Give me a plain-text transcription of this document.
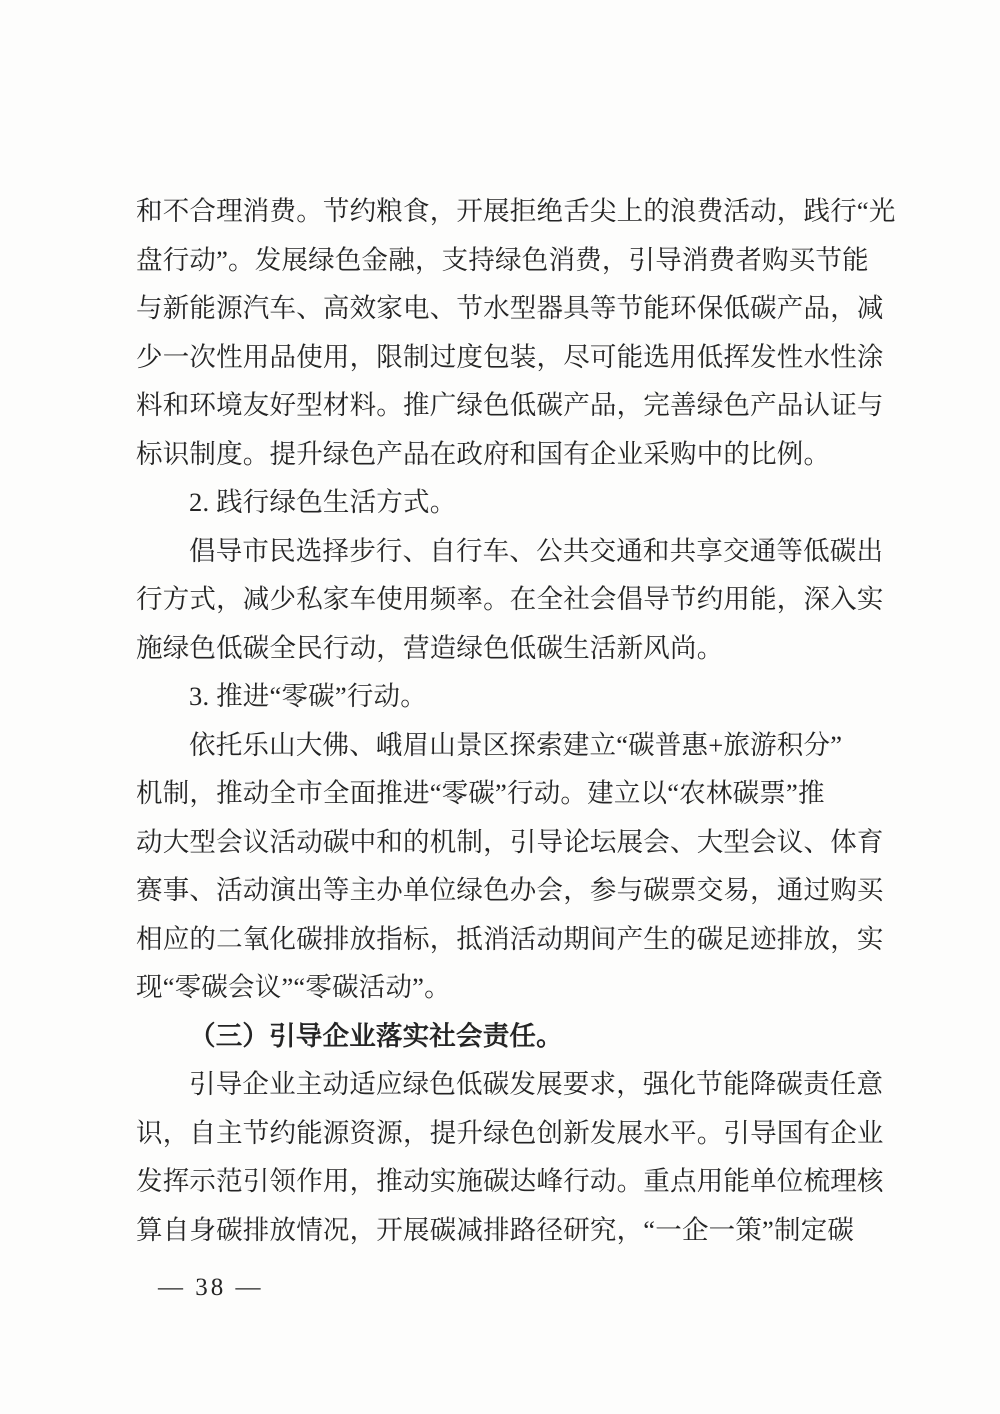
和不合理消费。节约粮食，开展拒绝舌尖上的浪费活动，践行“光
盘行动”。发展绿色金融，支持绿色消费，引导消费者购买节能
与新能源汽车、高效家电、节水型器具等节能环保低碳产品，减
少一次性用品使用，限制过度包装，尽可能选用低挥发性水性涂
料和环境友好型材料。推广绿色低碳产品，完善绿色产品认证与
标识制度。提升绿色产品在政府和国有企业采购中的比例。
2. 践行绿色生活方式。
倡导市民选择步行、自行车、公共交通和共享交通等低碳出
行方式，减少私家车使用频率。在全社会倡导节约用能，深入实
施绿色低碳全民行动，营造绿色低碳生活新风尚。
3. 推进“零碳”行动。
依托乐山大佛、峨眉山景区探索建立“碳普惠+旅游积分”
机制，推动全市全面推进“零碳”行动。建立以“农林碳票”推
动大型会议活动碳中和的机制，引导论坛展会、大型会议、体育
赛事、活动演出等主办单位绿色办会，参与碳票交易，通过购买
相应的二氧化碳排放指标，抵消活动期间产生的碳足迹排放，实
现“零碳会议”“零碳活动”。
（三）引导企业落实社会责任。
引导企业主动适应绿色低碳发展要求，强化节能降碳责任意
识，自主节约能源资源，提升绿色创新发展水平。引导国有企业
发挥示范引领作用，推动实施碳达峰行动。重点用能单位梳理核
算自身碳排放情况，开展碳减排路径研究，“一企一策”制定碳
— 38 —
